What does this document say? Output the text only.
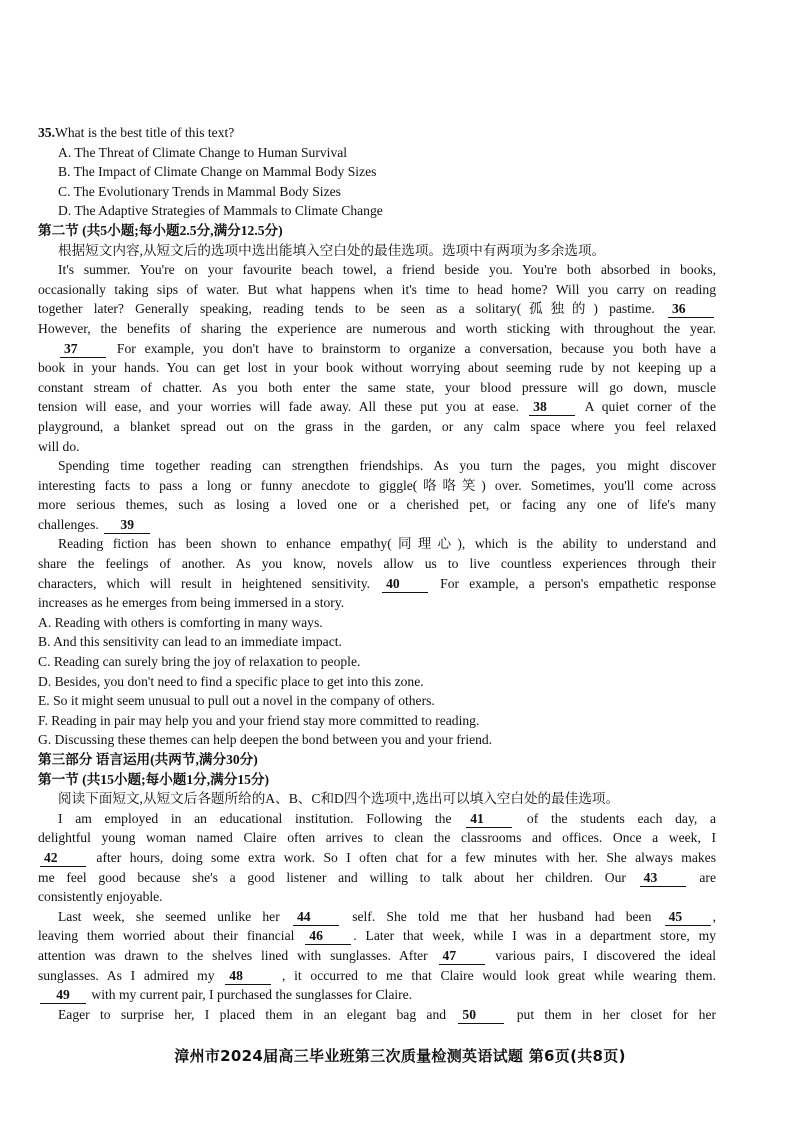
35.What is the best title of this text?
A. The Threat of Climate Change to Human Survival
B. The Impact of Climate Change on Mammal Body Sizes
C. The Evolutionary Trends in Mammal Body Sizes
D. The Adaptive Strategies of Mammals to Climate Change
第二节 (共5小题;每小题2.5分,满分12.5分)
根据短文内容,从短文后的选项中选出能填入空白处的最佳选项。选项中有两项为多余选项。
It's summer. You're on your favourite beach towel, a friend beside you. You're both absorbed in books,
occasionally taking sips of water. But what happens when it's time to head home? Will you carry on reading
together later? Generally speaking, reading tends to be seen as a solitary(孤独的) pastime. 36
However, the benefits of sharing the experience are numerous and worth sticking with throughout the year.
37	For example, you don't have to brainstorm to organize a conversation, because you both have a
book in your hands. You can get lost in your book without worrying about seeming rude by not keeping up a
constant stream of chatter. As you both enter the same state, your blood pressure will go down, muscle
tension will ease, and your worries will fade away. All these put you at ease. 38	A quiet corner of the
playground, a blanket spread out on the grass in the garden, or any calm space where you feel relaxed
will do.
Spending time together reading can strengthen friendships. As you turn the pages, you might discover
interesting facts to pass a long or funny anecdote to giggle(咯咯笑) over. Sometimes, you'll come across
more serious themes, such as losing a loved one or a cherished pet, or facing any one of life's many
challenges. 39
Reading fiction has been shown to enhance empathy(同理心), which is the ability to understand and
share the feelings of another. As you know, novels allow us to live countless experiences through their
characters, which will result in heightened sensitivity. 40	For example, a person's empathetic response
increases as he emerges from being immersed in a story.
A. Reading with others is comforting in many ways.
B. And this sensitivity can lead to an immediate impact.
C. Reading can surely bring the joy of relaxation to people.
D. Besides, you don't need to find a specific place to get into this zone.
E. So it might seem unusual to pull out a novel in the company of others.
F. Reading in pair may help you and your friend stay more committed to reading.
G. Discussing these themes can help deepen the bond between you and your friend.
第三部分 语言运用(共两节,满分30分)
第一节 (共15小题;每小题1分,满分15分)
阅读下面短文,从短文后各题所给的A、B、C和D四个选项中,选出可以填入空白处的最佳选项。
I am employed in an educational institution. Following the 41	of the students each day, a
delightful young woman named Claire often arrives to clean the classrooms and offices. Once a week, I
42	after hours, doing some extra work. So I often chat for a few minutes with her. She always makes
me feel good because she's a good listener and willing to talk about her children. Our 43	are
consistently enjoyable.
Last week, she seemed unlike her 44	self. She told me that her husband had been 45 ,
leaving them worried about their financial 46 . Later that week, while I was in a department store, my
attention was drawn to the shelves lined with sunglasses. After 47	various pairs, I discovered the ideal
sunglasses. As I admired my 48	, it occurred to me that Claire would look great while wearing them.
49 with my current pair, I purchased the sunglasses for Claire.
Eager to surprise her, I placed them in an elegant bag and 50	put them in her closet for her
漳州市2024届高三毕业班第三次质量检测英语试题 第6页(共8页)
